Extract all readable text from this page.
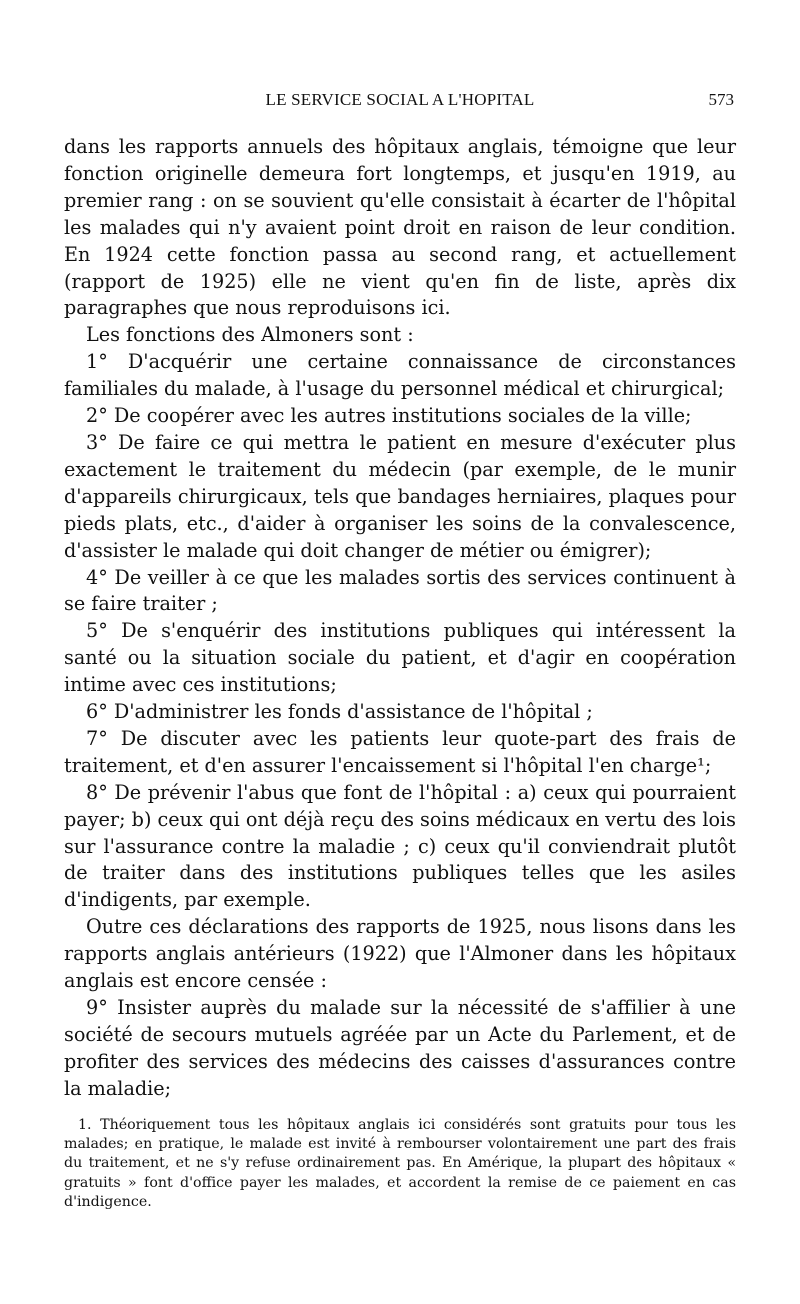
LE SERVICE SOCIAL A L'HOPITAL	573

dans les rapports annuels des hôpitaux anglais, témoigne que leur fonction originelle demeura fort longtemps, et jusqu'en 1919, au premier rang : on se souvient qu'elle consistait à écarter de l'hôpital les malades qui n'y avaient point droit en raison de leur condition. En 1924 cette fonction passa au second rang, et actuellement (rapport de 1925) elle ne vient qu'en fin de liste, après dix paragraphes que nous reproduisons ici.

Les fonctions des Almoners sont :

1° D'acquérir une certaine connaissance de circonstances familiales du malade, à l'usage du personnel médical et chirurgical;

2° De coopérer avec les autres institutions sociales de la ville;

3° De faire ce qui mettra le patient en mesure d'exécuter plus exactement le traitement du médecin (par exemple, de le munir d'appareils chirurgicaux, tels que bandages herniaires, plaques pour pieds plats, etc., d'aider à organiser les soins de la convalescence, d'assister le malade qui doit changer de métier ou émigrer);

4° De veiller à ce que les malades sortis des services continuent à se faire traiter ;

5° De s'enquérir des institutions publiques qui intéressent la santé ou la situation sociale du patient, et d'agir en coopération intime avec ces institutions;

6° D'administrer les fonds d'assistance de l'hôpital ;

7° De discuter avec les patients leur quote-part des frais de traitement, et d'en assurer l'encaissement si l'hôpital l'en charge¹;

8° De prévenir l'abus que font de l'hôpital : a) ceux qui pourraient payer; b) ceux qui ont déjà reçu des soins médicaux en vertu des lois sur l'assurance contre la maladie ; c) ceux qu'il conviendrait plutôt de traiter dans des institutions publiques telles que les asiles d'indigents, par exemple.

Outre ces déclarations des rapports de 1925, nous lisons dans les rapports anglais antérieurs (1922) que l'Almoner dans les hôpitaux anglais est encore censée :

9° Insister auprès du malade sur la nécessité de s'affilier à une société de secours mutuels agréée par un Acte du Parlement, et de profiter des services des médecins des caisses d'assurances contre la maladie;

1. Théoriquement tous les hôpitaux anglais ici considérés sont gratuits pour tous les malades; en pratique, le malade est invité à rembourser volontairement une part des frais du traitement, et ne s'y refuse ordinairement pas. En Amérique, la plupart des hôpitaux « gratuits » font d'office payer les malades, et accordent la remise de ce paiement en cas d'indigence.
